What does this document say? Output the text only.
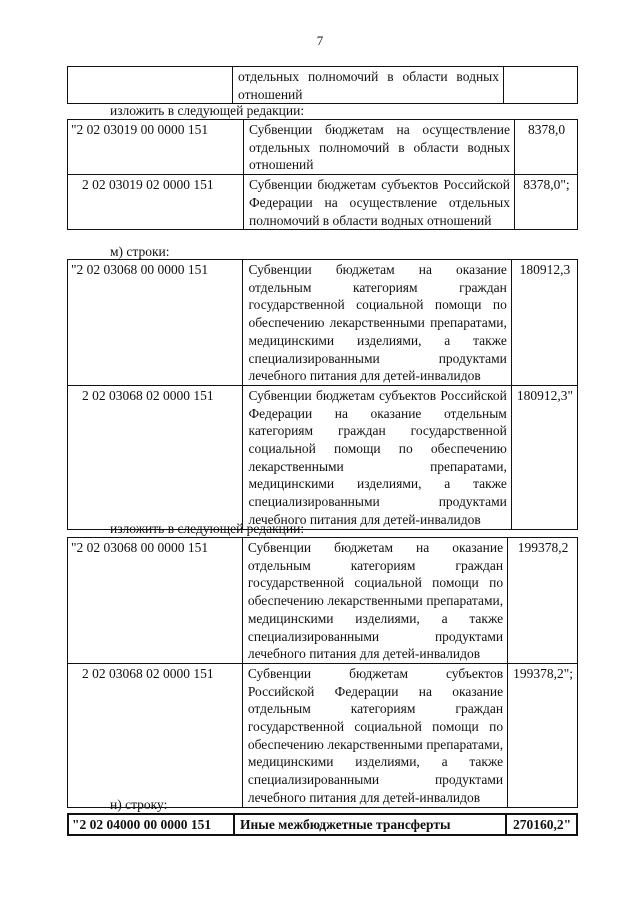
7
	отдельных полномочий в области водных отношений	
изложить в следующей редакции:
"2 02 03019 00 0000 151	Субвенции бюджетам на осуществление отдельных полномочий в области водных отношений	8378,0
2 02 03019 02 0000 151	Субвенции бюджетам субъектов Российской Федерации на осуществление отдельных полномочий в области водных отношений	8378,0";
м) строки:
"2 02 03068 00 0000 151	Субвенции бюджетам на оказание отдельным категориям граждан государственной социальной помощи по обеспечению лекарственными препаратами, медицинскими изделиями, а также специализированными продуктами лечебного питания для детей-инвалидов	180912,3
2 02 03068 02 0000 151	Субвенции бюджетам субъектов Российской Федерации на оказание отдельным категориям граждан государственной социальной помощи по обеспечению лекарственными препаратами, медицинскими изделиями, а также специализированными продуктами лечебного питания для детей-инвалидов	180912,3"
изложить в следующей редакции:
"2 02 03068 00 0000 151	Субвенции бюджетам на оказание отдельным категориям граждан государственной социальной помощи по обеспечению лекарственными препаратами, медицинскими изделиями, а также специализированными продуктами лечебного питания для детей-инвалидов	199378,2
2 02 03068 02 0000 151	Субвенции бюджетам субъектов Российской Федерации на оказание отдельным категориям граждан государственной социальной помощи по обеспечению лекарственными препаратами, медицинскими изделиями, а также специализированными продуктами лечебного питания для детей-инвалидов	199378,2";
н) строку:
"2 02 04000 00 0000 151	Иные межбюджетные трансферты	270160,2"
